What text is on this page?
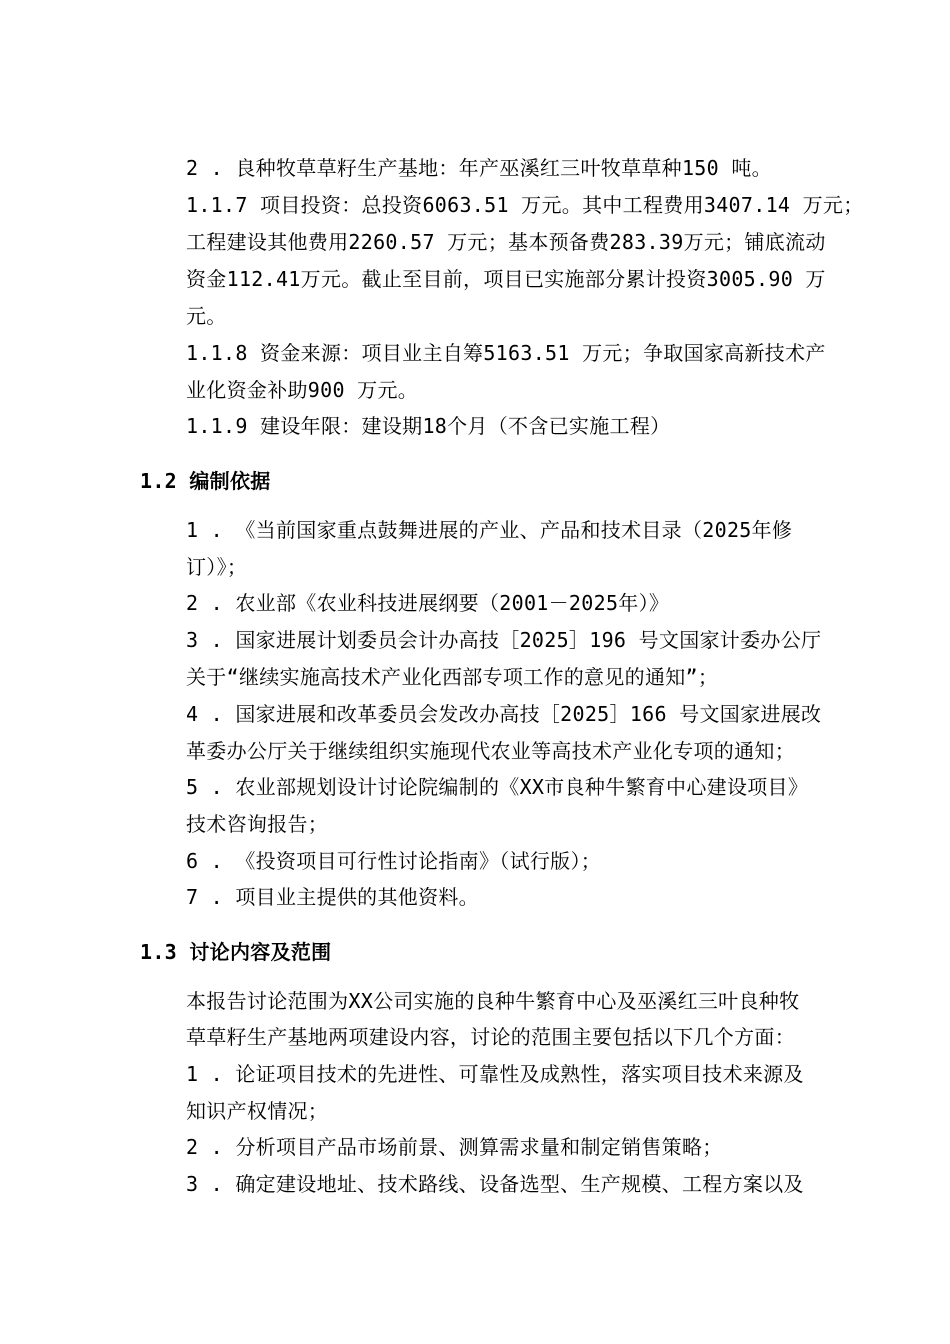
2 . 良种牧草草籽生产基地：年产巫溪红三叶牧草草种150 吨。
1.1.7 项目投资：总投资6063.51 万元。其中工程费用3407.14 万元；
工程建设其他费用2260.57 万元；基本预备费283.39万元；铺底流动
资金112.41万元。截止至目前，项目已实施部分累计投资3005.90 万
元。
1.1.8 资金来源：项目业主自筹5163.51 万元；争取国家高新技术产
业化资金补助900 万元。
1.1.9 建设年限：建设期18个月（不含已实施工程）
1.2 编制依据
1 . 《当前国家重点鼓舞进展的产业、产品和技术目录（2025年修
订）》；
2 . 农业部《农业科技进展纲要（2001－2025年）》
3 . 国家进展计划委员会计办高技［2025］196 号文国家计委办公厅
关于“继续实施高技术产业化西部专项工作的意见的通知”；
4 . 国家进展和改革委员会发改办高技［2025］166 号文国家进展改
革委办公厅关于继续组织实施现代农业等高技术产业化专项的通知；
5 . 农业部规划设计讨论院编制的《XX市良种牛繁育中心建设项目》
技术咨询报告；
6 . 《投资项目可行性讨论指南》（试行版）；
7 . 项目业主提供的其他资料。
1.3 讨论内容及范围
本报告讨论范围为XX公司实施的良种牛繁育中心及巫溪红三叶良种牧
草草籽生产基地两项建设内容，讨论的范围主要包括以下几个方面：
1 . 论证项目技术的先进性、可靠性及成熟性，落实项目技术来源及
知识产权情况；
2 . 分析项目产品市场前景、测算需求量和制定销售策略；
3 . 确定建设地址、技术路线、设备选型、生产规模、工程方案以及
